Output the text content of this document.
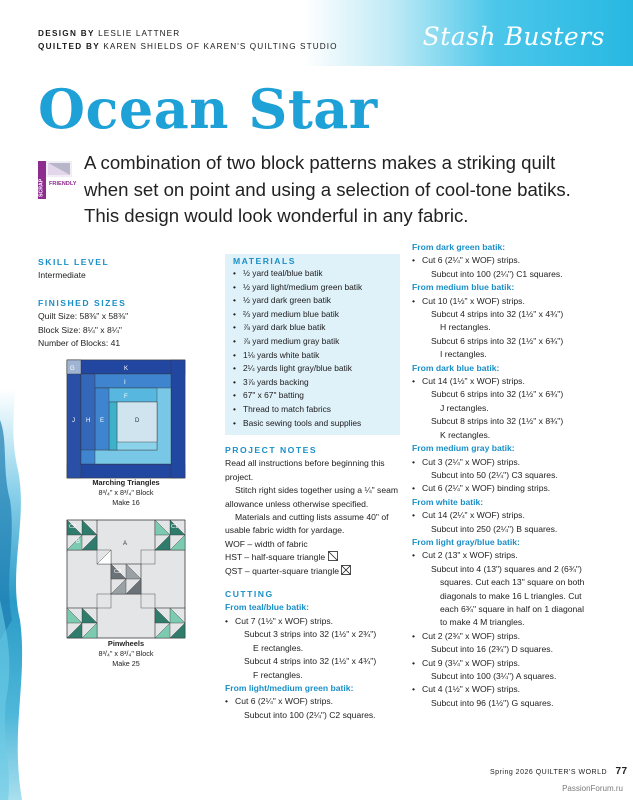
DESIGN BY LESLIE LATTNER
QUILTED BY KAREN SHIELDS OF KAREN'S QUILTING STUDIO	Stash Busters
Ocean Star
SCRAP FRIENDLY
A combination of two block patterns makes a striking quilt when set on point and using a selection of cool-tone batiks. This design would look wonderful in any fabric.
SKILL LEVEL
Intermediate
FINISHED SIZES
Quilt Size: 58⅜" x 58⅜"
Block Size: 8¼" x 8¼"
Number of Blocks: 41
G	K
I
F
J H E	D
Marching Triangles
8³/₄" x 8³/₄" Block
Make 16
B
C2
A
C1
C3
Pinwheels
8³/₄" x 8³/₄" Block
Make 25
MATERIALS
• ½ yard teal/blue batik
• ½ yard light/medium green batik
• ½ yard dark green batik
• ⅔ yard medium blue batik
• ⅞ yard dark blue batik
• ⅞ yard medium gray batik
• 1⅛ yards white batik
• 2¼ yards light gray/blue batik
• 3⅞ yards backing
• 67" x 67" batting
• Thread to match fabrics
• Basic sewing tools and supplies
PROJECT NOTES
Read all instructions before beginning this project.
Stitch right sides together using a ¼" seam allowance unless otherwise specified.
Materials and cutting lists assume 40" of usable fabric width for yardage.
WOF – width of fabric
HST – half-square triangle
QST – quarter-square triangle
CUTTING
From teal/blue batik:
• Cut 7 (1½" x WOF) strips.
Subcut 3 strips into 32 (1½" x 2¾")
E rectangles.
Subcut 4 strips into 32 (1½" x 4¾")
F rectangles.
From light/medium green batik:
• Cut 6 (2¼" x WOF) strips.
Subcut into 100 (2¼") C2 squares.
From dark green batik:
• Cut 6 (2¼" x WOF) strips.
Subcut into 100 (2¼") C1 squares.
From medium blue batik:
• Cut 10 (1½" x WOF) strips.
Subcut 4 strips into 32 (1½" x 4¾")
H rectangles.
Subcut 6 strips into 32 (1½" x 6¾")
I rectangles.
From dark blue batik:
• Cut 14 (1½" x WOF) strips.
Subcut 6 strips into 32 (1½" x 6¾")
J rectangles.
Subcut 8 strips into 32 (1½" x 8¾")
K rectangles.
From medium gray batik:
• Cut 3 (2¼" x WOF) strips.
Subcut into 50 (2¼") C3 squares.
• Cut 6 (2¼" x WOF) binding strips.
From white batik:
• Cut 14 (2¼" x WOF) strips.
Subcut into 250 (2¼") B squares.
From light gray/blue batik:
• Cut 2 (13" x WOF) strips.
Subcut into 4 (13") squares and 2 (6¾")
squares. Cut each 13" square on both
diagonals to make 16 L triangles. Cut
each 6¾" square in half on 1 diagonal
to make 4 M triangles.
• Cut 2 (2¾" x WOF) strips.
Subcut into 16 (2¾") D squares.
• Cut 9 (3¼" x WOF) strips.
Subcut into 100 (3¼") A squares.
• Cut 4 (1½" x WOF) strips.
Subcut into 96 (1½") G squares.
Spring 2026 QUILTER'S WORLD 77
PassionForum.ru
